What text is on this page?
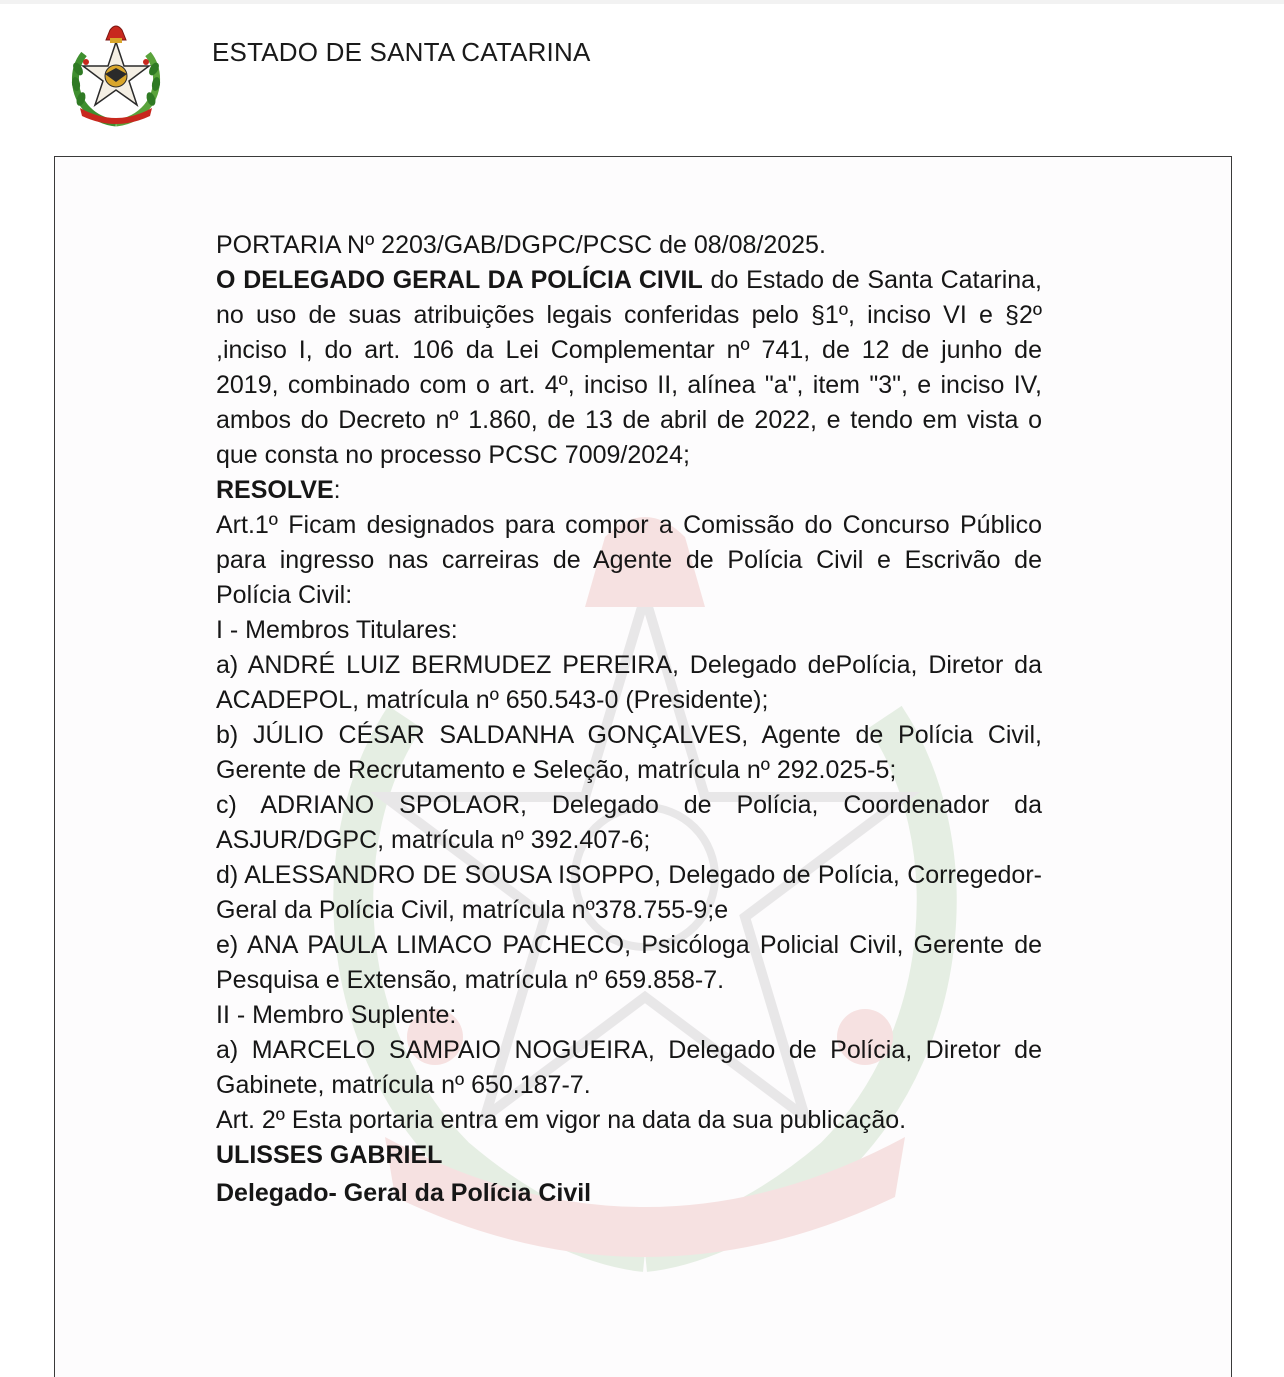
ESTADO DE SANTA CATARINA

PORTARIA Nº 2203/GAB/DGPC/PCSC de 08/08/2025.

O DELEGADO GERAL DA POLÍCIA CIVIL do Estado de Santa Catarina, no uso de suas atribuições legais conferidas pelo §1º, inciso VI e §2º ,inciso I, do art. 106 da Lei Complementar nº 741, de 12 de junho de 2019, combinado com o art. 4º, inciso II, alínea "a", item "3", e inciso IV, ambos do Decreto nº 1.860, de 13 de abril de 2022, e tendo em vista o que consta no processo PCSC 7009/2024;

RESOLVE:

Art.1º Ficam designados para compor a Comissão do Concurso Público para ingresso nas carreiras de Agente de Polícia Civil e Escrivão de Polícia Civil:

I - Membros Titulares:

a) ANDRÉ LUIZ BERMUDEZ PEREIRA, Delegado dePolícia, Diretor da ACADEPOL, matrícula nº 650.543-0 (Presidente);

b) JÚLIO CÉSAR SALDANHA GONÇALVES, Agente de Polícia Civil, Gerente de Recrutamento e Seleção, matrícula nº 292.025-5;

c) ADRIANO SPOLAOR, Delegado de Polícia, Coordenador da ASJUR/DGPC, matrícula nº 392.407-6;

d) ALESSANDRO DE SOUSA ISOPPO, Delegado de Polícia, Corregedor-Geral da Polícia Civil, matrícula nº378.755-9;e

e) ANA PAULA LIMACO PACHECO, Psicóloga Policial Civil, Gerente de Pesquisa e Extensão, matrícula nº 659.858-7.

II - Membro Suplente:

a) MARCELO SAMPAIO NOGUEIRA, Delegado de Polícia, Diretor de Gabinete, matrícula nº 650.187-7.

Art. 2º Esta portaria entra em vigor na data da sua publicação.

ULISSES GABRIEL

Delegado- Geral da Polícia Civil
